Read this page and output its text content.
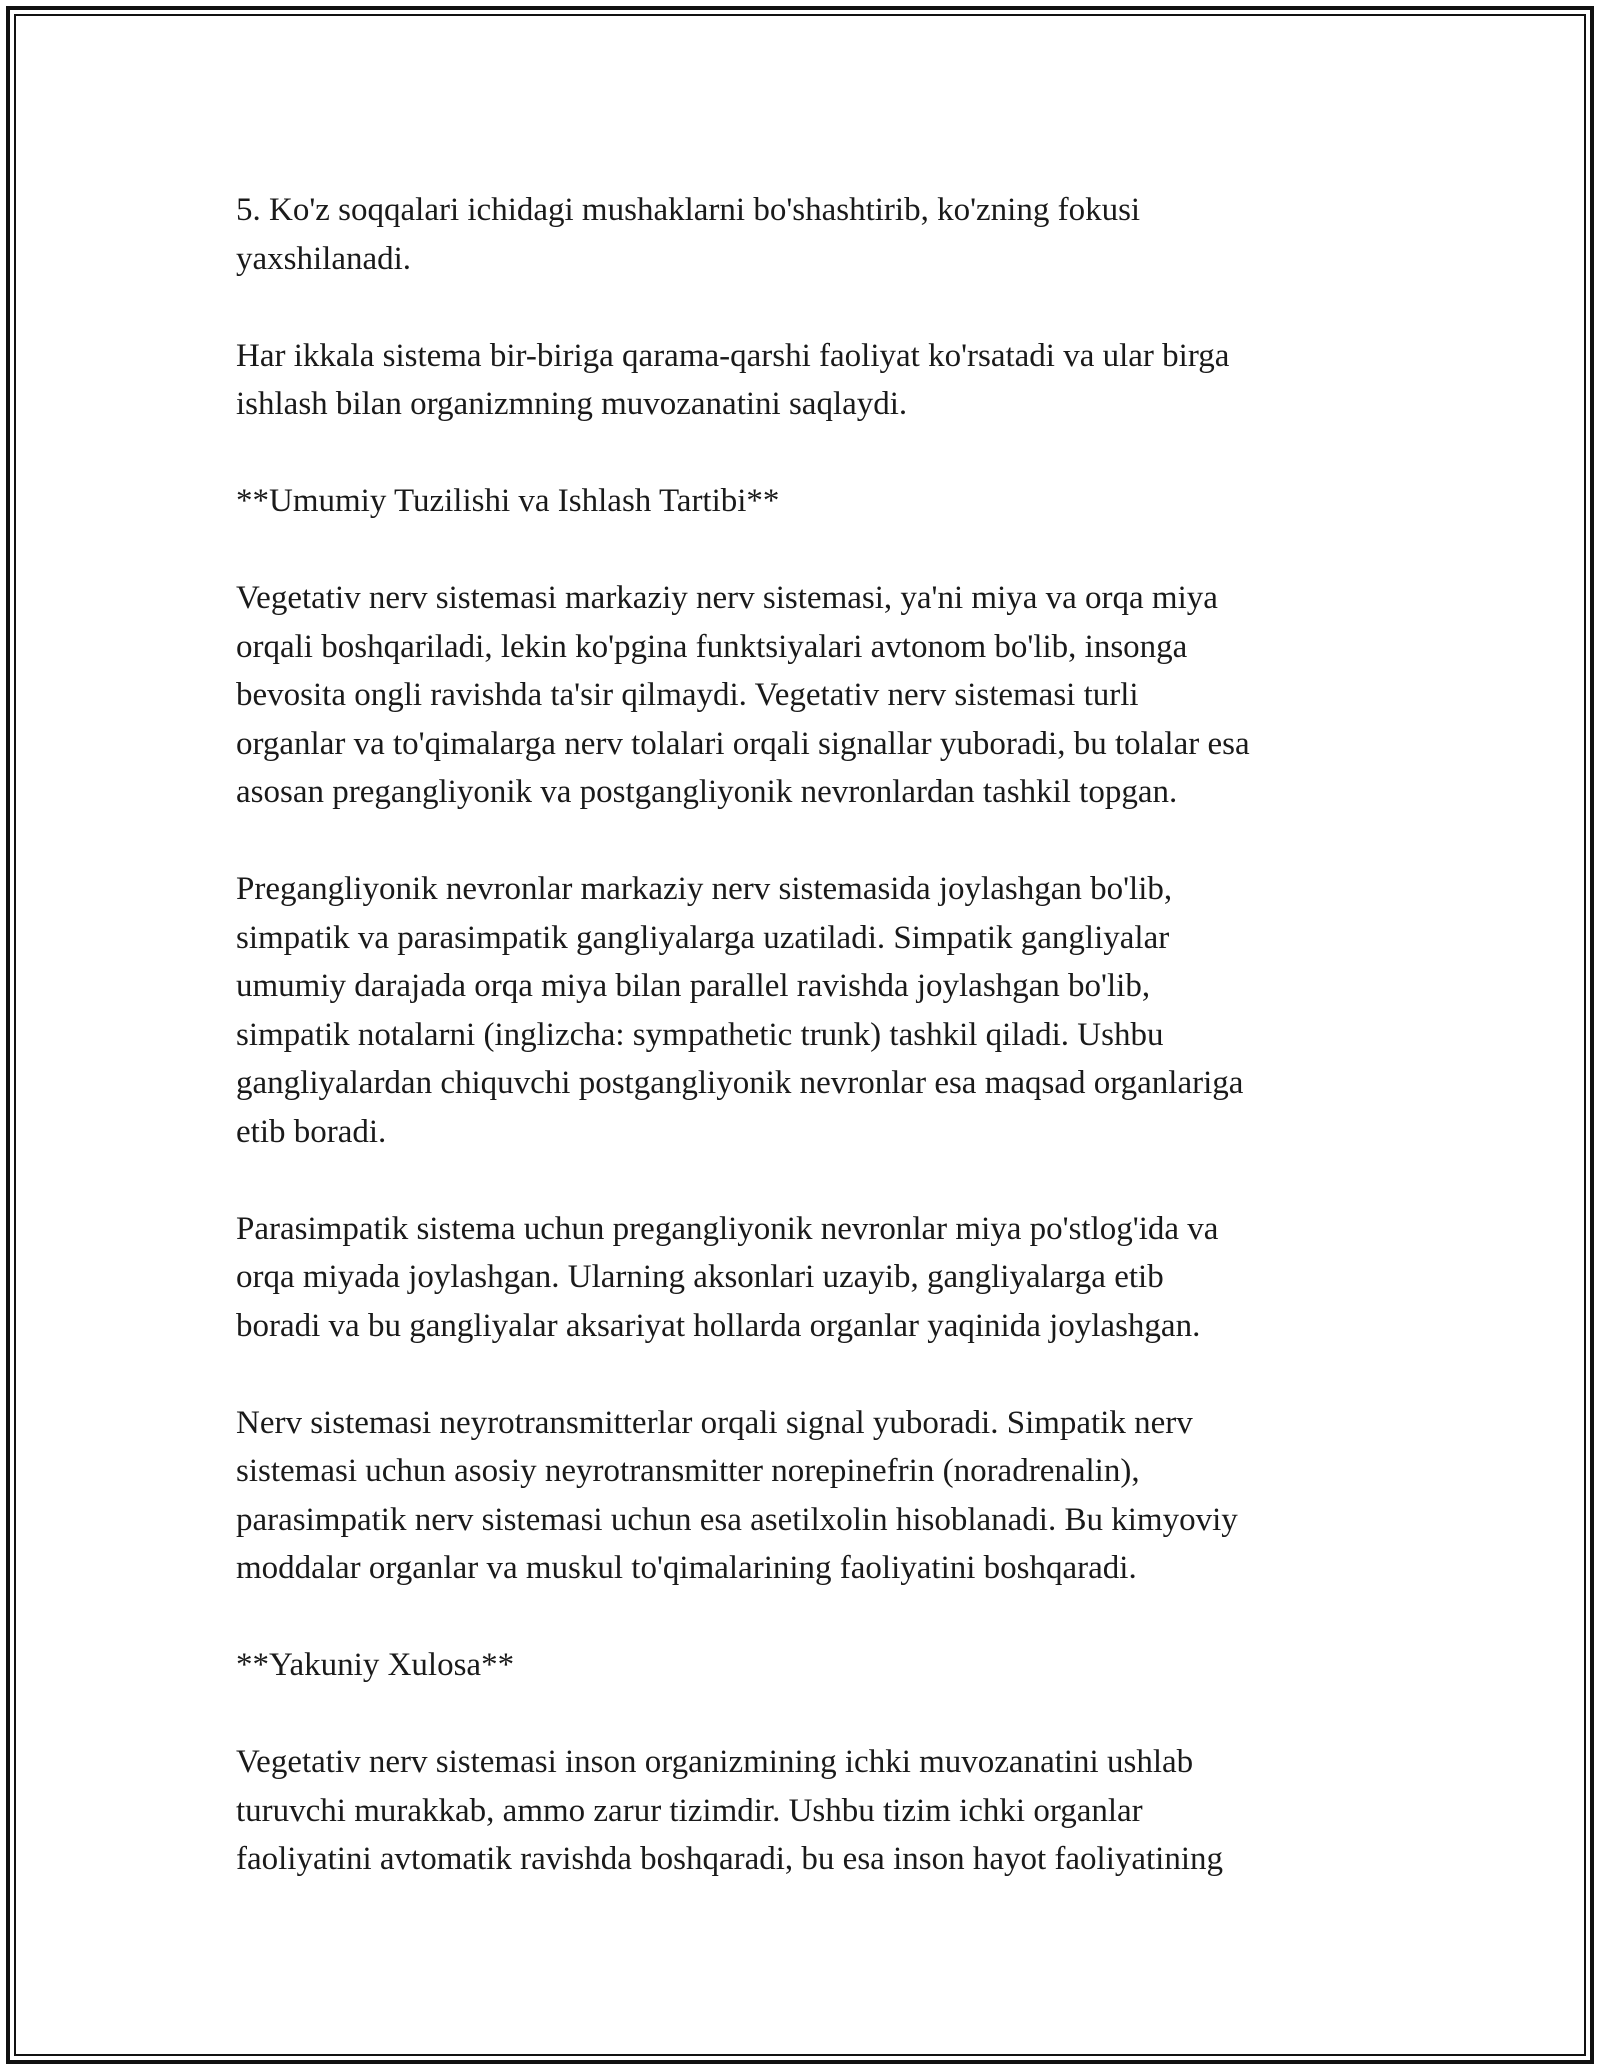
5. Ko'z soqqalari ichidagi mushaklarni bo'shashtirib, ko'zning fokusi
yaxshilanadi.

Har ikkala sistema bir-biriga qarama-qarshi faoliyat ko'rsatadi va ular birga
ishlash bilan organizmning muvozanatini saqlaydi.

**Umumiy Tuzilishi va Ishlash Tartibi**

Vegetativ nerv sistemasi markaziy nerv sistemasi, ya'ni miya va orqa miya
orqali boshqariladi, lekin ko'pgina funktsiyalari avtonom bo'lib, insonga
bevosita ongli ravishda ta'sir qilmaydi. Vegetativ nerv sistemasi turli
organlar va to'qimalarga nerv tolalari orqali signallar yuboradi, bu tolalar esa
asosan pregangliyonik va postgangliyonik nevronlardan tashkil topgan.

Pregangliyonik nevronlar markaziy nerv sistemasida joylashgan bo'lib,
simpatik va parasimpatik gangliyalarga uzatiladi. Simpatik gangliyalar
umumiy darajada orqa miya bilan parallel ravishda joylashgan bo'lib,
simpatik notalarni (inglizcha: sympathetic trunk) tashkil qiladi. Ushbu
gangliyalardan chiquvchi postgangliyonik nevronlar esa maqsad organlariga
etib boradi.

Parasimpatik sistema uchun pregangliyonik nevronlar miya po'stlog'ida va
orqa miyada joylashgan. Ularning aksonlari uzayib, gangliyalarga etib
boradi va bu gangliyalar aksariyat hollarda organlar yaqinida joylashgan.

Nerv sistemasi neyrotransmitterlar orqali signal yuboradi. Simpatik nerv
sistemasi uchun asosiy neyrotransmitter norepinefrin (noradrenalin),
parasimpatik nerv sistemasi uchun esa asetilxolin hisoblanadi. Bu kimyoviy
moddalar organlar va muskul to'qimalarining faoliyatini boshqaradi.

**Yakuniy Xulosa**

Vegetativ nerv sistemasi inson organizmining ichki muvozanatini ushlab
turuvchi murakkab, ammo zarur tizimdir. Ushbu tizim ichki organlar
faoliyatini avtomatik ravishda boshqaradi, bu esa inson hayot faoliyatining
